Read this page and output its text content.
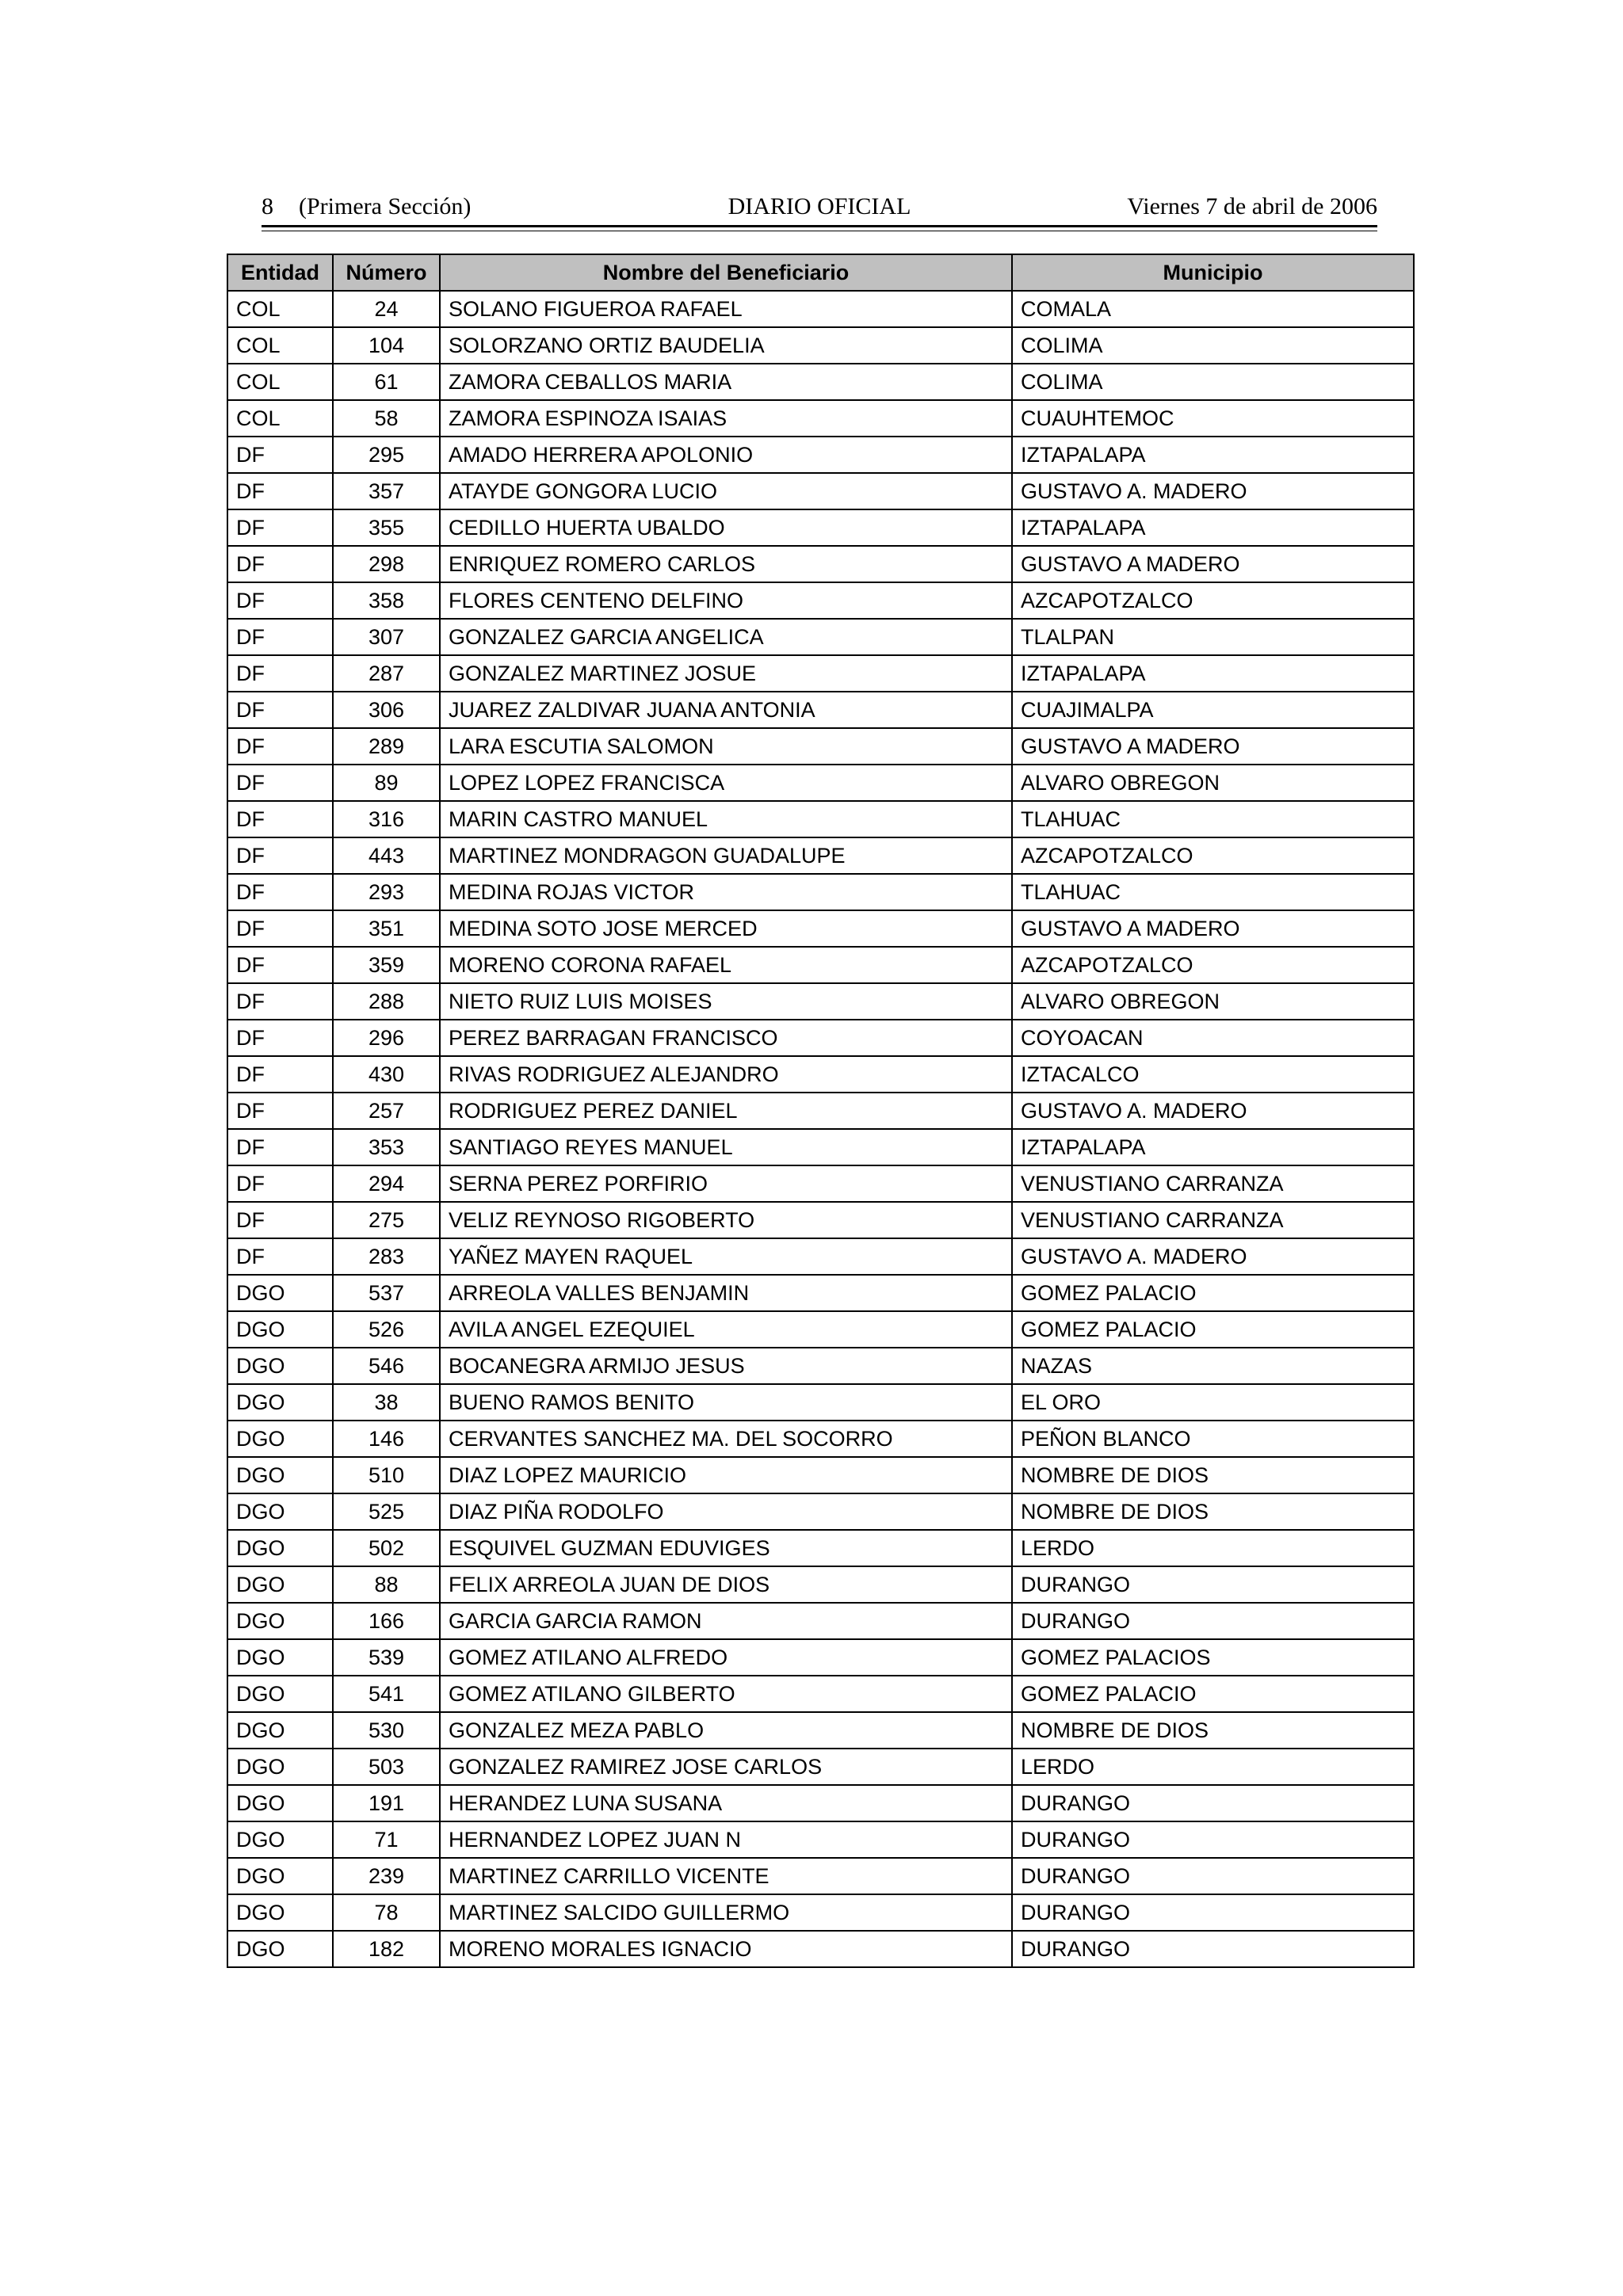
8 (Primera Sección)	DIARIO OFICIAL	Viernes 7 de abril de 2006
Entidad	Número	Nombre del Beneficiario	Municipio
COL	24	SOLANO FIGUEROA RAFAEL	COMALA
COL	104	SOLORZANO ORTIZ BAUDELIA	COLIMA
COL	61	ZAMORA CEBALLOS MARIA	COLIMA
COL	58	ZAMORA ESPINOZA ISAIAS	CUAUHTEMOC
DF	295	AMADO HERRERA APOLONIO	IZTAPALAPA
DF	357	ATAYDE GONGORA LUCIO	GUSTAVO A. MADERO
DF	355	CEDILLO HUERTA UBALDO	IZTAPALAPA
DF	298	ENRIQUEZ ROMERO CARLOS	GUSTAVO A MADERO
DF	358	FLORES CENTENO DELFINO	AZCAPOTZALCO
DF	307	GONZALEZ GARCIA ANGELICA	TLALPAN
DF	287	GONZALEZ MARTINEZ JOSUE	IZTAPALAPA
DF	306	JUAREZ ZALDIVAR JUANA ANTONIA	CUAJIMALPA
DF	289	LARA ESCUTIA SALOMON	GUSTAVO A MADERO
DF	89	LOPEZ LOPEZ FRANCISCA	ALVARO OBREGON
DF	316	MARIN CASTRO MANUEL	TLAHUAC
DF	443	MARTINEZ MONDRAGON GUADALUPE	AZCAPOTZALCO
DF	293	MEDINA ROJAS VICTOR	TLAHUAC
DF	351	MEDINA SOTO JOSE MERCED	GUSTAVO A MADERO
DF	359	MORENO CORONA RAFAEL	AZCAPOTZALCO
DF	288	NIETO RUIZ LUIS MOISES	ALVARO OBREGON
DF	296	PEREZ BARRAGAN FRANCISCO	COYOACAN
DF	430	RIVAS RODRIGUEZ ALEJANDRO	IZTACALCO
DF	257	RODRIGUEZ PEREZ DANIEL	GUSTAVO A. MADERO
DF	353	SANTIAGO REYES MANUEL	IZTAPALAPA
DF	294	SERNA PEREZ PORFIRIO	VENUSTIANO CARRANZA
DF	275	VELIZ REYNOSO RIGOBERTO	VENUSTIANO CARRANZA
DF	283	YAÑEZ MAYEN RAQUEL	GUSTAVO A. MADERO
DGO	537	ARREOLA VALLES BENJAMIN	GOMEZ PALACIO
DGO	526	AVILA ANGEL EZEQUIEL	GOMEZ PALACIO
DGO	546	BOCANEGRA ARMIJO JESUS	NAZAS
DGO	38	BUENO RAMOS BENITO	EL ORO
DGO	146	CERVANTES SANCHEZ MA. DEL SOCORRO	PEÑON BLANCO
DGO	510	DIAZ LOPEZ MAURICIO	NOMBRE DE DIOS
DGO	525	DIAZ PIÑA RODOLFO	NOMBRE DE DIOS
DGO	502	ESQUIVEL GUZMAN EDUVIGES	LERDO
DGO	88	FELIX ARREOLA JUAN DE DIOS	DURANGO
DGO	166	GARCIA GARCIA RAMON	DURANGO
DGO	539	GOMEZ ATILANO ALFREDO	GOMEZ PALACIOS
DGO	541	GOMEZ ATILANO GILBERTO	GOMEZ PALACIO
DGO	530	GONZALEZ MEZA PABLO	NOMBRE DE DIOS
DGO	503	GONZALEZ RAMIREZ JOSE CARLOS	LERDO
DGO	191	HERANDEZ LUNA SUSANA	DURANGO
DGO	71	HERNANDEZ LOPEZ JUAN N	DURANGO
DGO	239	MARTINEZ CARRILLO VICENTE	DURANGO
DGO	78	MARTINEZ SALCIDO GUILLERMO	DURANGO
DGO	182	MORENO MORALES IGNACIO	DURANGO
